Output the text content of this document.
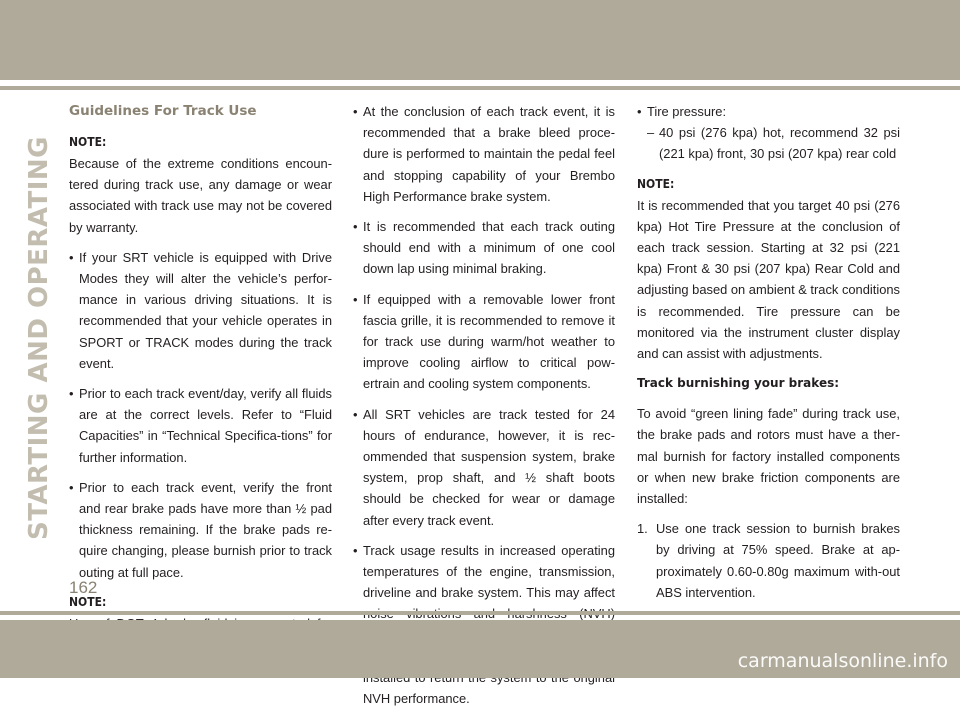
STARTING AND OPERATING
Guidelines For Track Use

NOTE:

Because of the extreme conditions encoun-tered during track use, any damage or wear associated with track use may not be covered by warranty.

• If your SRT vehicle is equipped with Drive Modes they will alter the vehicle’s perfor-mance in various driving situations. It is recommended that your vehicle operates in SPORT or TRACK modes during the track event.
• Prior to each track event/day, verify all fluids are at the correct levels. Refer to “Fluid Capacities” in “Technical Specifica-tions” for further information.
• Prior to each track event, verify the front and rear brake pads have more than ½ pad thickness remaining. If the brake pads re-quire changing, please burnish prior to track outing at full pace.

NOTE:

• At the conclusion of each track event, it is recommended that a brake bleed proce-dure is performed to maintain the pedal feel and stopping capability of your Brembo High Performance brake system.
• It is recommended that each track outing should end with a minimum of one cool down lap using minimal braking.
• If equipped with a removable lower front fascia grille, it is recommended to remove it for track use during warm/hot weather to improve cooling airflow to critical pow-ertrain and cooling system components.
• All SRT vehicles are track tested for 24 hours of endurance, however, it is rec-ommended that suspension system, brake system, prop shaft, and ½ shaft boots should be checked for wear or damage after every track event.
• Track usage results in increased operating temperatures of the engine, transmission, driveline and brake system. This may affect NVH performance.
• Tire pressure:
– 40 psi (276 kpa) hot, recommend 32 psi (221 kpa) front, 30 psi (207 kpa) rear cold

NOTE:

It is recommended that you target 40 psi (276 kpa) Hot Tire Pressure at the conclusion of each track session. Starting at 32 psi (221 kpa) Front & 30 psi (207 kpa) Rear Cold and adjusting based on ambient & track conditions is recommended. Tire pressure can be monitored via the instrument cluster display and can assist with adjustments.

Track burnishing your brakes:

To avoid “green lining fade” during track use, the brake pads and rotors must have a ther-mal burnish for factory installed components or when new brake friction components are installed:

1. Use one track session to burnish brakes by driving at 75% speed. Brake at ap-proximately 0.60-0.80g maximum with-out ABS intervention.
162
carmanualsonline.info
